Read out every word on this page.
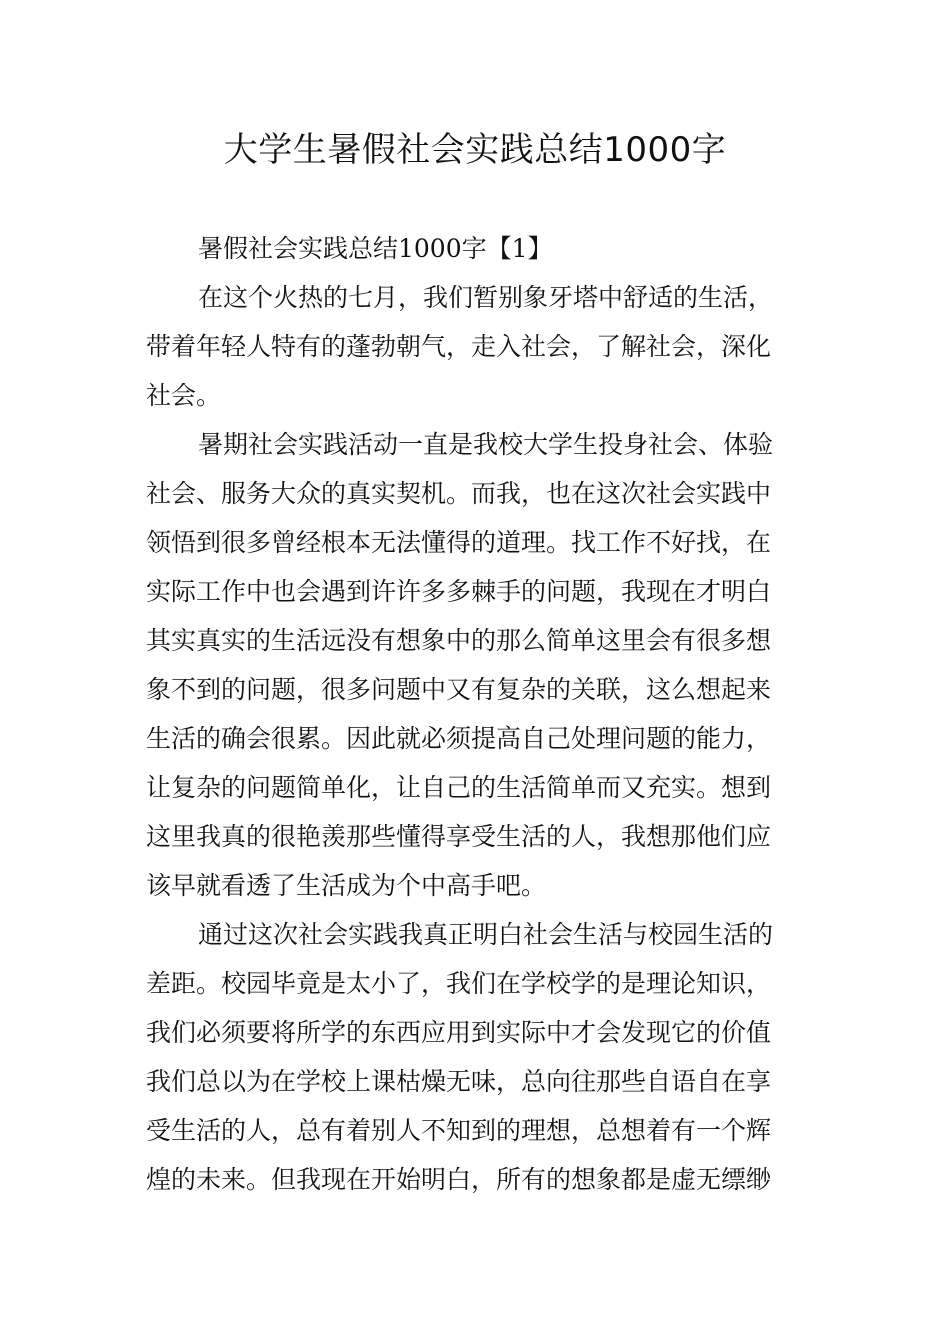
大学生暑假社会实践总结1000字
暑假社会实践总结1000字【1】
在这个火热的七月，我们暂别象牙塔中舒适的生活，
带着年轻人特有的蓬勃朝气，走入社会，了解社会，深化
社会。
暑期社会实践活动一直是我校大学生投身社会、体验
社会、服务大众的真实契机。而我，也在这次社会实践中
领悟到很多曾经根本无法懂得的道理。找工作不好找，在
实际工作中也会遇到许许多多棘手的问题，我现在才明白
其实真实的生活远没有想象中的那么简单这里会有很多想
象不到的问题，很多问题中又有复杂的关联，这么想起来
生活的确会很累。因此就必须提高自己处理问题的能力，
让复杂的问题简单化，让自己的生活简单而又充实。想到
这里我真的很艳羡那些懂得享受生活的人，我想那他们应
该早就看透了生活成为个中高手吧。
通过这次社会实践我真正明白社会生活与校园生活的
差距。校园毕竟是太小了，我们在学校学的是理论知识，
我们必须要将所学的东西应用到实际中才会发现它的价值
我们总以为在学校上课枯燥无味，总向往那些自语自在享
受生活的人，总有着别人不知到的理想，总想着有一个辉
煌的未来。但我现在开始明白，所有的想象都是虚无缥缈
